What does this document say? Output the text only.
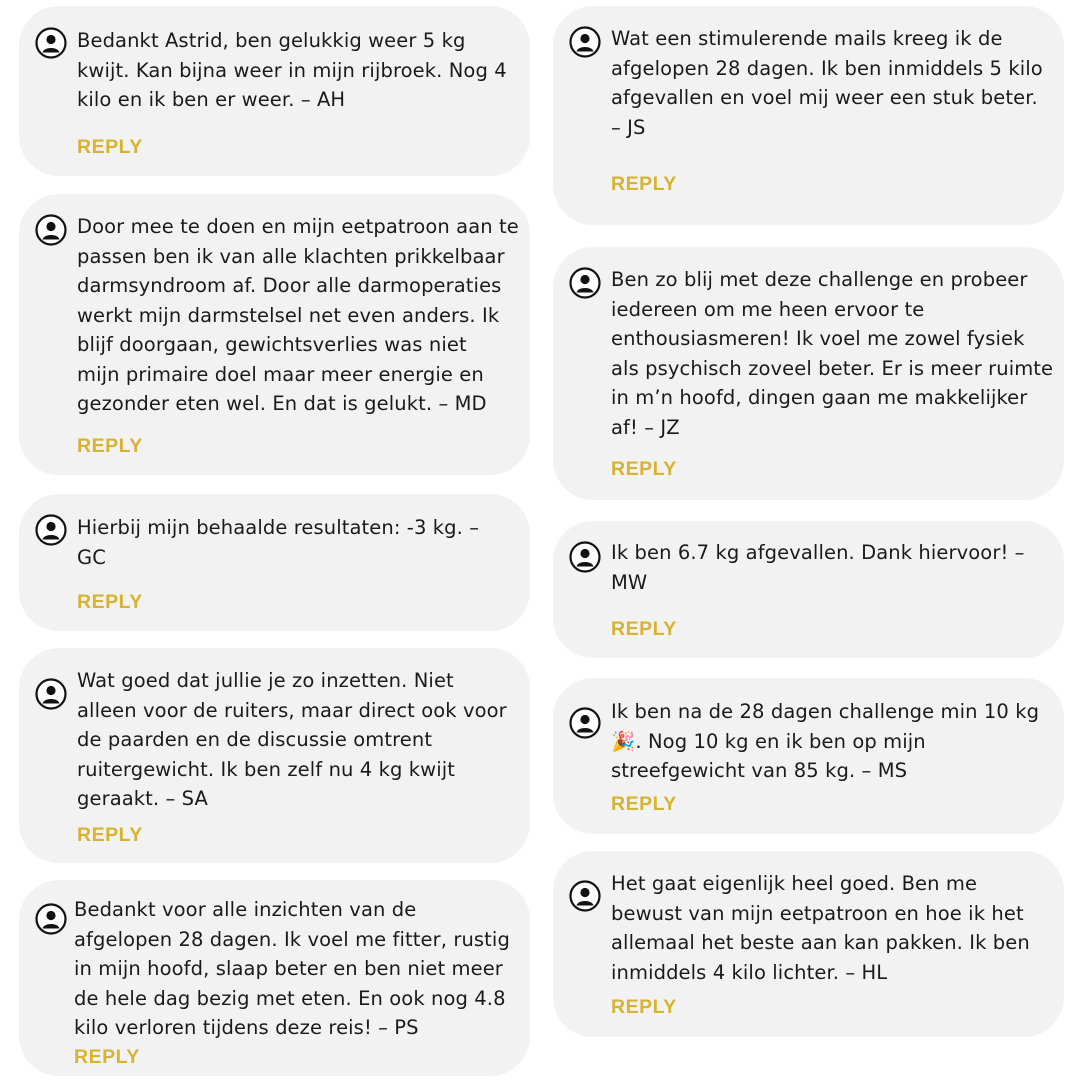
Bedankt Astrid, ben gelukkig weer 5 kg
kwijt. Kan bijna weer in mijn rijbroek. Nog 4
kilo en ik ben er weer. – AH
REPLY
Door mee te doen en mijn eetpatroon aan te
passen ben ik van alle klachten prikkelbaar
darmsyndroom af. Door alle darmoperaties
werkt mijn darmstelsel net even anders. Ik
blijf doorgaan, gewichtsverlies was niet
mijn primaire doel maar meer energie en
gezonder eten wel. En dat is gelukt. – MD
REPLY
Hierbij mijn behaalde resultaten: -3 kg. –
GC
REPLY
Wat goed dat jullie je zo inzetten. Niet
alleen voor de ruiters, maar direct ook voor
de paarden en de discussie omtrent
ruitergewicht. Ik ben zelf nu 4 kg kwijt
geraakt. – SA
REPLY
Bedankt voor alle inzichten van de
afgelopen 28 dagen. Ik voel me fitter, rustig
in mijn hoofd, slaap beter en ben niet meer
de hele dag bezig met eten. En ook nog 4.8
kilo verloren tijdens deze reis! – PS
REPLY
Wat een stimulerende mails kreeg ik de
afgelopen 28 dagen. Ik ben inmiddels 5 kilo
afgevallen en voel mij weer een stuk beter.
– JS
REPLY
Ben zo blij met deze challenge en probeer
iedereen om me heen ervoor te
enthousiasmeren! Ik voel me zowel fysiek
als psychisch zoveel beter. Er is meer ruimte
in m’n hoofd, dingen gaan me makkelijker
af! – JZ
REPLY
Ik ben 6.7 kg afgevallen. Dank hiervoor! –
MW
REPLY
Ik ben na de 28 dagen challenge min 10 kg
🎉. Nog 10 kg en ik ben op mijn
streefgewicht van 85 kg. – MS
REPLY
Het gaat eigenlijk heel goed. Ben me
bewust van mijn eetpatroon en hoe ik het
allemaal het beste aan kan pakken. Ik ben
inmiddels 4 kilo lichter. – HL
REPLY
